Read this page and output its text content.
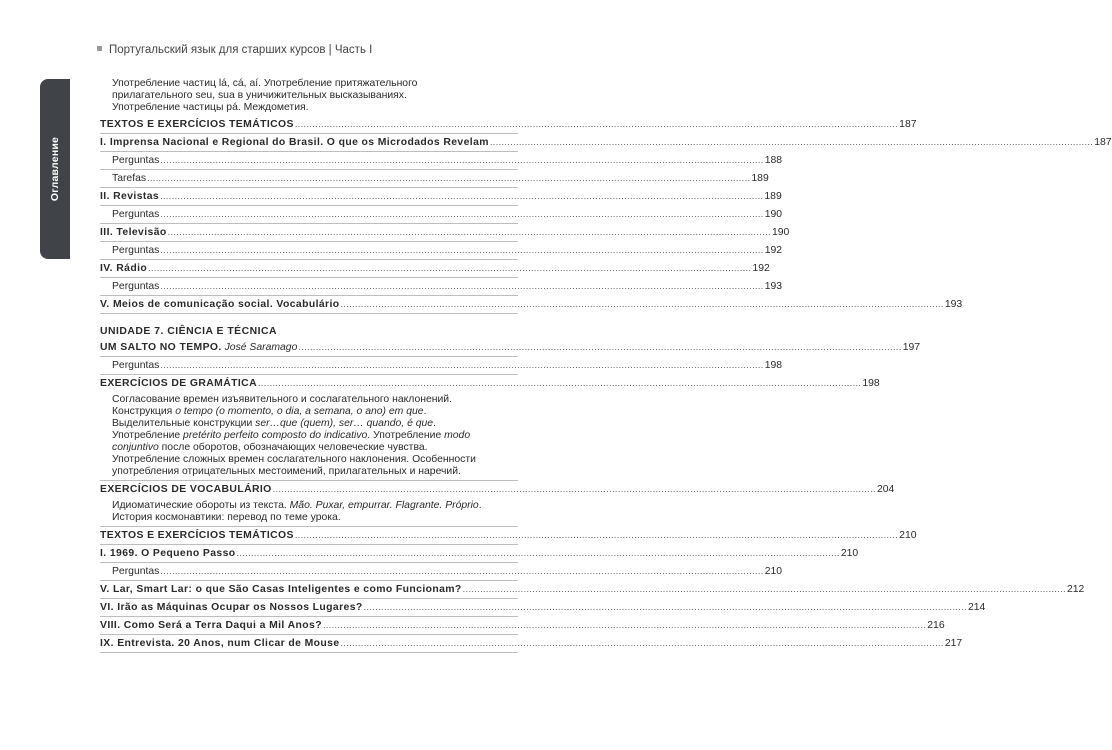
Португальский язык для старших курсов | Часть I
Оглавление

Употребление частиц lá, cá, aí. Употребление притяжательного

прилагательного seu, sua в уничижительных высказываниях.

Употребление частицы pá. Междометия.

TEXTOS E EXERCÍCIOS TEMÁTICOS .....	187
I. Imprensa Nacional e Regional do Brasil. O que os Microdados Revelam .....	187
Perguntas .....	188
Tarefas .....	189
II. Revistas .....	189
Perguntas .....	190
III. Televisão .....	190
Perguntas .....	192
IV. Rádio .....	192
Perguntas .....	193
V. Meios de comunicação social. Vocabulário .....	193
UNIDADE 7. CIÊNCIA E TÉCNICA
UM SALTO NO TEMPO. José Saramago .....	197
Perguntas .....	198
EXERCÍCIOS DE GRAMÁTICA .....	198

Согласование времен изъявительного и сослагательного наклонений.

Конструкция o tempo (o momento, o dia, a semana, o ano) em que.

Выделительные конструкции ser…que (quem), ser… quando, é que.

Употребление pretérito perfeito composto do indicativo. Употребление modo

conjuntivo после оборотов, обозначающих человеческие чувства.

Употребление сложных времен сослагательного наклонения. Особенности

употребления отрицательных местоимений, прилагательных и наречий.

EXERCÍCIOS DE VOCABULÁRIO .....	204

Идиоматические обороты из текста. Mão. Puxar, empurrar. Flagrante. Próprio.

История космонавтики: перевод по теме урока.

TEXTOS E EXERCÍCIOS TEMÁTICOS .....	210
I. 1969. O Pequeno Passo .....	210
Perguntas .....	210
V. Lar, Smart Lar: o que São Casas Inteligentes e como Funcionam? .....	212
VI. Irão as Máquinas Ocupar os Nossos Lugares? .....	214
VIII. Como Será a Terra Daqui a Mil Anos? .....	216
IX. Entrevista. 20 Anos, num Clicar de Mouse .....	217
